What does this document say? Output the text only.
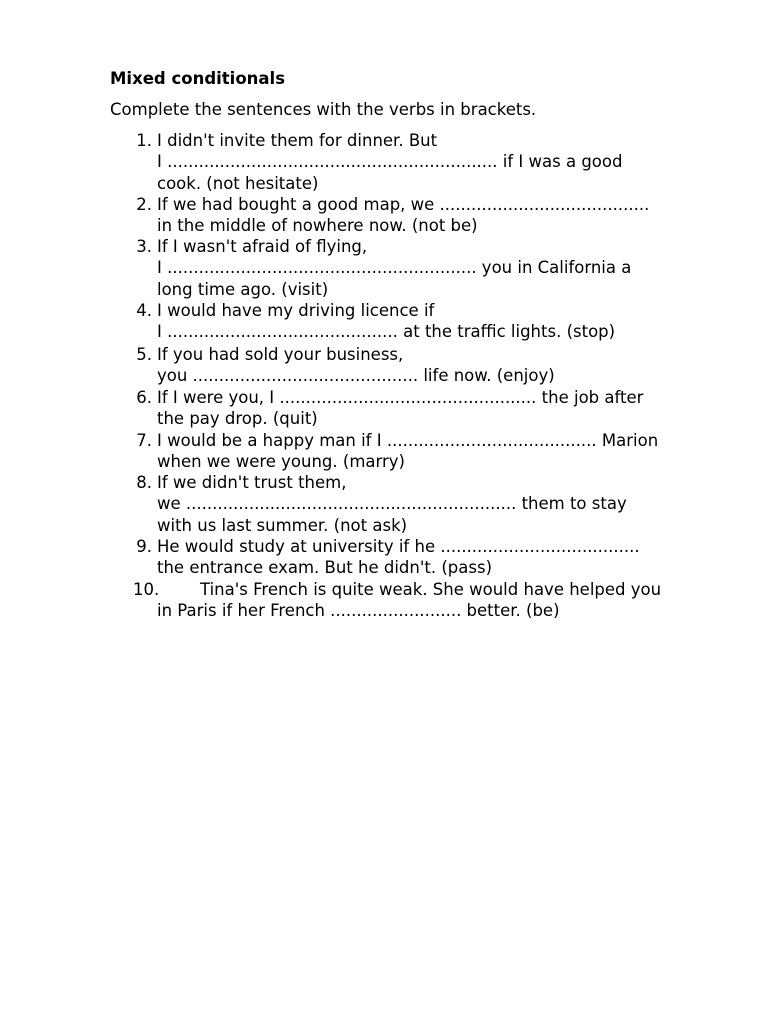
Mixed conditionals
Complete the sentences with the verbs in brackets.
1. I didn't invite them for dinner. But
I ............................................................... if I was a good
cook. (not hesitate)
2. If we had bought a good map, we ........................................
in the middle of nowhere now. (not be)
3. If I wasn't afraid of flying,
I ........................................................... you in California a
long time ago. (visit)
4. I would have my driving licence if
I ............................................ at the traffic lights. (stop)
5. If you had sold your business,
you ........................................... life now. (enjoy)
6. If I were you, I ................................................. the job after
the pay drop. (quit)
7. I would be a happy man if I ........................................ Marion
when we were young. (marry)
8. If we didn't trust them,
we ............................................................... them to stay
with us last summer. (not ask)
9. He would study at university if he ......................................
the entrance exam. But he didn't. (pass)
10. Tina's French is quite weak. She would have helped you
in Paris if her French ......................... better. (be)
